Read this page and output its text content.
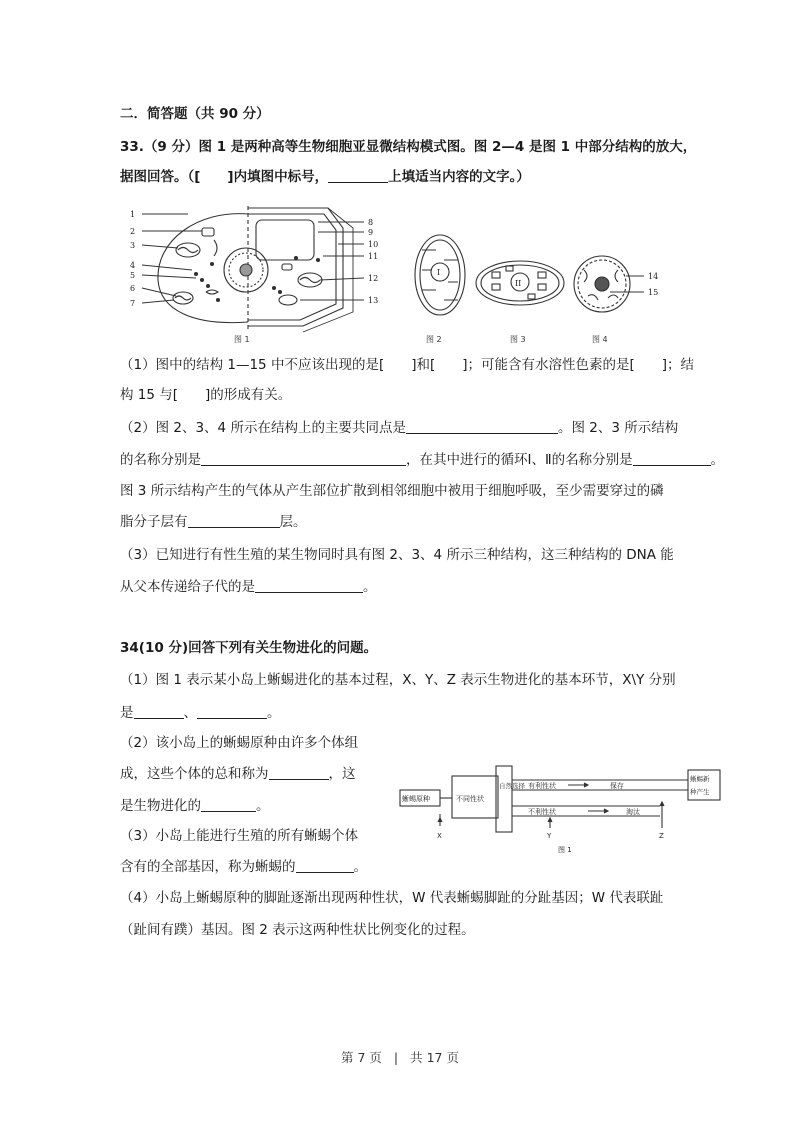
二．简答题（共 90 分）
33.（9 分）图 1 是两种高等生物细胞亚显微结构模式图。图 2—4 是图 1 中部分结构的放大，
据图回答。（[　　]内填图中标号，	上填适当内容的文字。）
1
2
3
4
5
6
7
8
9
10
11
12
13
I
II
14
15
图 1	图 2	图 3	图 4
（1）图中的结构 1—15 中不应该出现的是[　　]和[　　]；可能含有水溶性色素的是[　　]；结
构 15 与[　　]的形成有关。
（2）图 2、3、4 所示在结构上的主要共同点是	。图 2、3 所示结构
的名称分别是	，在其中进行的循环Ⅰ、Ⅱ的名称分别是	。
图 3 所示结构产生的气体从产生部位扩散到相邻细胞中被用于细胞呼吸，至少需要穿过的磷
脂分子层有	层。
（3）已知进行有性生殖的某生物同时具有图 2、3、4 所示三种结构，这三种结构的 DNA 能
从父本传递给子代的是	。
34(10 分)回答下列有关生物进化的问题。
（1）图 1 表示某小岛上蜥蜴进化的基本过程，X、Y、Z 表示生物进化的基本环节，X\Y 分别
是	、	。
（2）该小岛上的蜥蜴原种由许多个体组
成，这些个体的总和称为	，这
是生物进化的	。
（3）小岛上能进行生殖的所有蜥蜴个体
含有的全部基因，称为蜥蜴的	。
蜥蜴原种	不同性状
自然选择 有利性状	保存
不利性状	淘汰
蜥蜴新
种产生
X	Y	Z
图 1
（4）小岛上蜥蜴原种的脚趾逐渐出现两种性状，W 代表蜥蜴脚趾的分趾基因；W 代表联趾
（趾间有蹼）基因。图 2 表示这两种性状比例变化的过程。
第 7 页 | 共 17 页
